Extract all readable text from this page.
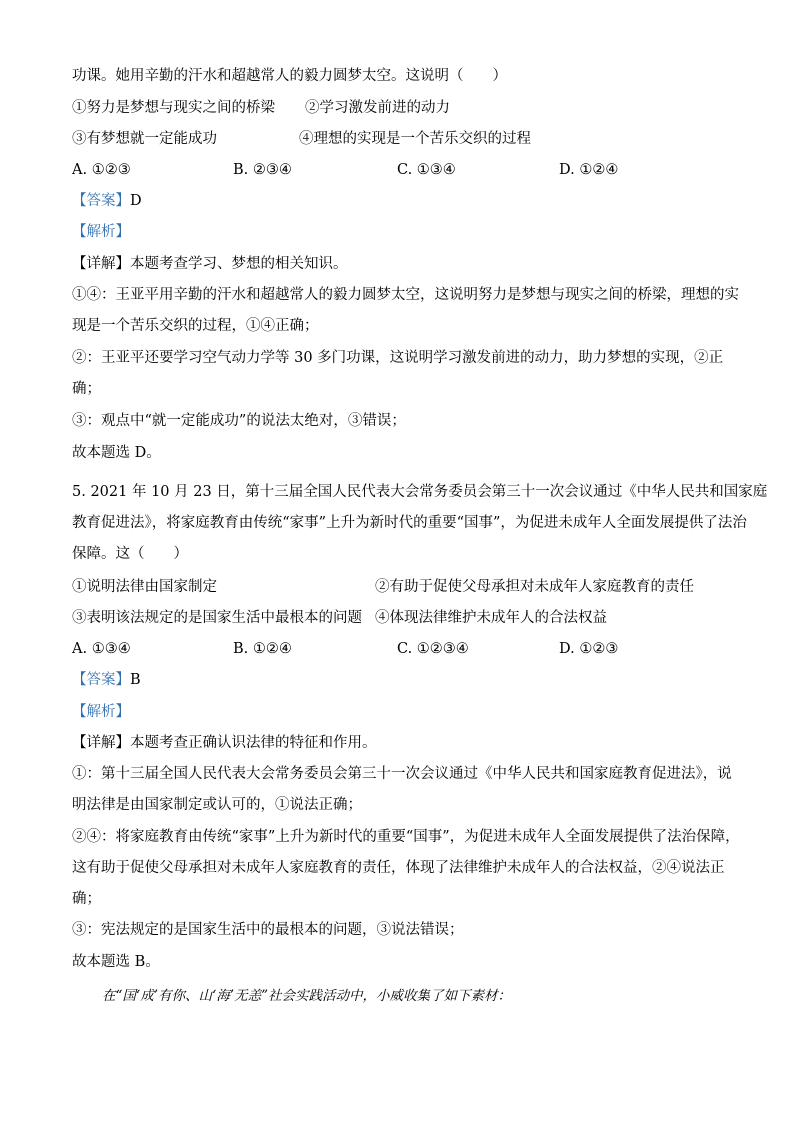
功课。她用辛勤的汗水和超越常人的毅力圆梦太空。这说明（　　）
①努力是梦想与现实之间的桥梁 ②学习激发前进的动力
③有梦想就一定能成功	④理想的实现是一个苦乐交织的过程
A. ①②③	B. ②③④	C. ①③④	D. ①②④
【答案】D
【解析】
【详解】本题考查学习、梦想的相关知识。
①④：王亚平用辛勤的汗水和超越常人的毅力圆梦太空，这说明努力是梦想与现实之间的桥梁，理想的实
现是一个苦乐交织的过程，①④正确；
②：王亚平还要学习空气动力学等 30 多门功课，这说明学习激发前进的动力，助力梦想的实现，②正
确；
③：观点中“就一定能成功”的说法太绝对，③错误；
故本题选 D。
5. 2021 年 10 月 23 日，第十三届全国人民代表大会常务委员会第三十一次会议通过《中华人民共和国家庭
教育促进法》，将家庭教育由传统“家事”上升为新时代的重要“国事”，为促进未成年人全面发展提供了法治
保障。这（　　）
①说明法律由国家制定	②有助于促使父母承担对未成年人家庭教育的责任
③表明该法规定的是国家生活中最根本的问题 ④体现法律维护未成年人的合法权益
A. ①③④	B. ①②④	C. ①②③④	D. ①②③
【答案】B
【解析】
【详解】本题考查正确认识法律的特征和作用。
①：第十三届全国人民代表大会常务委员会第三十一次会议通过《中华人民共和国家庭教育促进法》，说
明法律是由国家制定或认可的，①说法正确；
②④：将家庭教育由传统“家事”上升为新时代的重要“国事”，为促进未成年人全面发展提供了法治保障，
这有助于促使父母承担对未成年人家庭教育的责任，体现了法律维护未成年人的合法权益，②④说法正
确；
③：宪法规定的是国家生活中的最根本的问题，③说法错误；
故本题选 B。
在“国‘成’有你、山‘海’无恙”社会实践活动中，小威收集了如下素材：
